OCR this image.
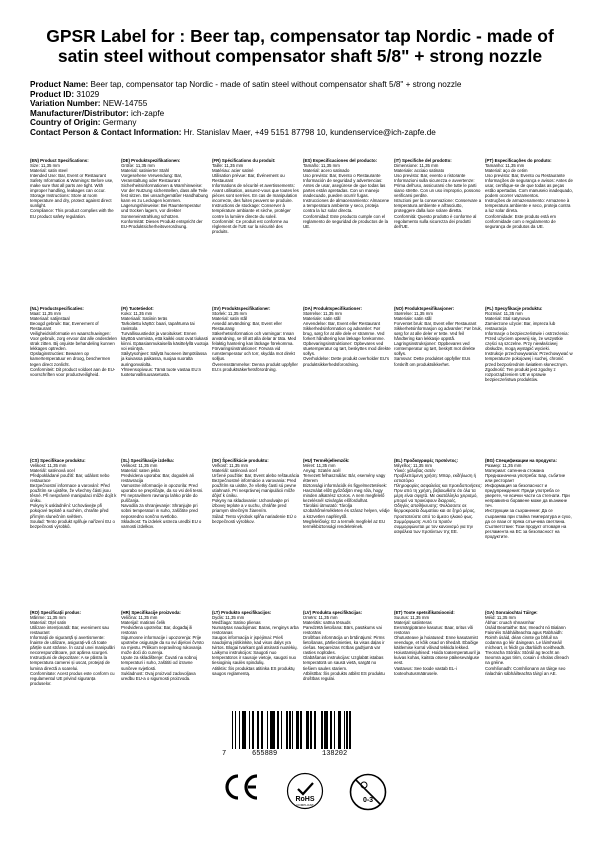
GPSR Label for : Beer tap, compensator tap Nordic - made of satin steel without compensator shaft 5/8" + strong nozzle
Product Name: Beer tap, compensator tap Nordic - made of satin steel without compensator shaft 5/8" + strong nozzle
Product ID: 31029
Variation Number: NEW-14755
Manufacturer/Distributor: ich-zapfe
Country of Origin: Germany
Contact Person & Contact Information: Hr. Stanislav Maer, +49 5151 87798 10, kundenservice@ich-zapfe.de
(EN) Product Specifications:
Size: 11,35 mm
Material: satin steel
Intended Use: Bar, Event or Restaurant
Safety Information & Warnings: Before use, make sure that all parts are tight. With improper handling, leakages can occur.
Storage Instructions: Store at room temperature and dry, protect against direct sunlight.
Compliance: This product complies with the EU product safety regulation.
(DE) Produktspezifikationen:
Größe: 11,35 mm
Material: satinierter Stahl
Vorgesehene Verwendung: Bar, Veranstaltung oder Restaurant
Sicherheitsinformationen & Warnhinweise: Vor der Nutzung sicherstellen, dass alle Teile fest sitzen. Bei unsachgemäßer Handhabung kann es zu Leckagen kommen.
Lagerungshinweise: Bei Raumtemperatur und trocken lagern, vor direkter Sonneneinstrahlung schützen.
Konformität: Dieses Produkt entspricht der EU-Produktsicherheitsverordnung.
(FR) Spécifications du produit:
Taille: 11,35 mm
Matériau: acier satiné
Utilisation prévue: Bar, Événement ou Restaurant
Informations de sécurité et avertissements: Avant utilisation, assurez-vous que toutes les pièces sont serrées. En cas de manipulation incorrecte, des fuites peuvent se produire.
Instructions de stockage: Conserver à température ambiante et sèche, protéger contre la lumière directe du soleil.
Conformité: Ce produit est conforme au règlement de l'UE sur la sécurité des produits.
(ES) Especificaciones del producto:
Tamaño: 11,35 mm
Material: acero satinado
Uso previsto: Bar, Evento o Restaurante
Información de seguridad y advertencias: Antes de usar, asegúrese de que todas las partes están apretadas. Con un manejo inadecuado, pueden ocurrir fugas.
Instrucciones de almacenamiento: Almacene a temperatura ambiente y seco, proteja contra la luz solar directa.
Conformidad: Este producto cumple con el reglamento de seguridad de productos de la UE.
(IT) Specifiche del prodotto:
Dimensione: 11,35 mm
Materiale: acciaio satinato
Uso previsto: Bar, evento o ristorante
Informazioni sulla sicurezza e avvertenze: Prima dell'uso, assicurarsi che tutte le parti siano strette. Con un uso improprio, possono verificarsi perdite.
Istruzioni per la conservazione: Conservare a temperatura ambiente e all'asciutto, proteggere dalla luce solare diretta.
Conformità: Questo prodotto è conforme al regolamento sulla sicurezza dei prodotti dell'UE.
(PT) Especificações do produto:
Tamanho: 11,35 mm
Material: aço de cetim
Uso previsto: Bar, Evento ou Restaurante
Informações de segurança e avisos: Antes de usar, certifique-se de que todas as peças estão apertadas. Com manuseio inadequado, podem ocorrer vazamentos.
Instruções de armazenamento: Armazene à temperatura ambiente e seco, proteja contra a luz solar direta.
Conformidade: Este produto está em conformidade com o regulamento de segurança de produtos da UE.
(NL) Productspecificaties:
Maat: 11,35 mm
Materiaal: satijnstaal
Beoogd gebruik: Bar, Evenement of Restaurant
Veiligheidsinformatie en waarschuwingen: Voor gebruik, zorg ervoor dat alle onderdelen strak zitten. Bij onjuiste behandeling kunnen lekkages optreden.
Opslaginstructies: Bewaren op kamertemperatuur en droog, beschermen tegen direct zonlicht.
Conformiteit: Dit product voldoet aan de EU-voorschriften voor productveiligheid.
(FI) Tuotetiedot:
Koko: 11,35 mm
Materiaali: Satiinin teräs
Tarkoitettu käyttö: baari, tapahtuma tai ravintola
Turvallisuustiedot ja varoitukset: Ennen käyttöä varmista, että kaikki osat ovat tiukasti kiinni. Epäasianmukaisella käsittelyllä vuotoja voi esiintyä.
Säilytysohjeet: Säilytä huoneen lämpötilassa ja kuivassa paikassa, suojaa suoralta auringonvalolta.
Yhteensopivuus: Tämä tuote vastaa EU:n tuoteturvallisuusasetusta.
(SV) Produktspecifikationer:
Storlek: 11,35 mm
Material: satin stål
Avsedd användning: Bar, Event eller Restaurang
Säkerhetsinformation och varningar: Innan användning, se till att alla delar är täta. Med felaktig hantering kan läckage förekomma.
Förvaringsinstruktioner: Förvara vid rumstemperatur och torr, skydda mot direkt solljus.
Överensstämmelse: Denna produkt uppfyller EU:s produktsäkerhetsförordning.
(DA) Produktspecifikationer:
Størrelse: 11,35 mm
Materiale: satin stål
Anvendelse: Bar, Event eller Restaurant
Sikkerhedsinformation og advarsler: Før brug, sørg for at alle dele er stramme. Ved forkert håndtering kan lækage forekomme.
Opbevaringsinstruktioner: Opbevares ved stuetemperatur og tørt, beskyttes mod direkte sollys.
Overholdelse: Dette produkt overholder EU's produktsikkerhedsforordning.
(NO) Produktspesifikasjoner:
Størrelse: 11,35 mm
Materiale: satin stål
Forventet bruk: Bar, Event eller Restaurant
Sikkerhetsinformasjon og advarsler: Før bruk, sørg for at alle deler er tette. Ved feil håndtering kan lekkasje oppstå.
Lagringsinstruksjoner: Oppbevares ved romtemperatur og tørt, beskytt mot direkte sollys.
Samsvar: Dette produktet oppfyller EUs forskrift om produktsikkerhet.
(PL) Specyfikacje produktu:
Rozmiar: 11,35 mm
Materiał: Stal satynowa
Zamierzone użycie: Bar, impreza lub restauracja
Informacje o bezpieczeństwie i ostrzeżenia: Przed użyciem upewnij się, że wszystkie części są szczelne. Przy niewłaściwej obsłudze, mogą wystąpić wycieki.
Instrukcje przechowywania: Przechowywać w temperaturze pokojowej i suchej, chronić przed bezpośrednim światłem słonecznym.
Zgodność: Ten produkt jest zgodny z rozporządzeniem UE w sprawie bezpieczeństwa produktów.
(CS) Specifikace produktu:
Velikost: 11,35 mm
Materiál: saténová ocel
Předpokládané použití: Bar, událost nebo restaurace
Bezpečnostní informace a varování: Před použitím se ujistěte, že všechny části jsou těsné. Při nesprávné manipulaci může dojít k úniku.
Pokyny k uskladnění: Uchovávejte při pokojové teplotě a suchém, chraňte před přímým slunečním světlem.
Soulad: Tento produkt splňuje nařízení EU o bezpečnosti výrobků.
(SL) Specifikacije izdelka:
Velikost: 11,35 mm
Material: saten jekla
Predvidena uporaba: Bar, dogodek ali restavracija
Varnostne informacije in opozorila: Pred uporabo se prepričajte, da so vsi deli tesni. Pri nepravilnem ravnanju lahko pride do puščanja.
Navodila za shranjevanje: Shranjujte pri sobni temperaturi in suho, zaščitite pred neposredno sončno svetlobo.
Skladnost: Ta izdelek ustreza uredbi EU o varnosti izdelkov.
(SK) Špecifikácie produktu:
Veľkosť: 11,35 mm
Materiál: saténová oceľ
Určené použitie: Bar, Event alebo reštaurácia
Bezpečnostné informácie a varovania: Pred použitím sa uistite, že všetky časti sú pevne utiahnuté. Pri nesprávnej manipulácii môže dôjsť k úniku.
Pokyny na skladovanie: Uchovávajte pri izbovej teplote a v suchu, chráňte pred priamym slnečným žiarením.
Súlad: Tento výrobok spĺňa nariadenie EÚ o bezpečnosti výrobkov.
(HU) Termékjellemzők:
Méret: 11,35 mm
Anyag: Szatén acél
Tervezett felhasználás: Bár, esemény vagy étterem
Biztonsági információk és figyelmeztetések: Használat előtt győződjön meg róla, hogy minden alkatrész szoros. A nem megfelelő kezelésnél szivárgás előfordulhat.
Tárolási útmutató: Tárolja szobahőmérsékleten és száraz helyen, védje a közvetlen napfénytől.
Megfelelőség: Ez a termék megfelel az EU termékbiztonsági rendeletének.
(EL) Προδιαγραφές προϊόντος:
Μέγεθος: 11,35 mm
Υλικό: χάλυβας σατέν
Προβλεπόμενη χρήση: Μπαρ, εκδήλωση ή εστιατόριο
Πληροφορίες ασφαλείας και προειδοποιήσεις: Πριν από τη χρήση, βεβαιωθείτε ότι όλα τα μέρη είναι σφιχτά. Με ακατάλληλο χειρισμό, μπορεί να προκύψουν διαρροές.
Οδηγίες αποθήκευσης: Φυλάσσετε σε θερμοκρασία δωματίου και σε ξηρό μέρος, προστατεύστε από το άμεσο ηλιακό φως.
Συμμόρφωση: Αυτό το προϊόν συμμορφώνεται με τον κανονισμό για την ασφάλεια των προϊόντων της ΕΕ.
(BG) Спецификации на продукта:
Размер: 11,35 mm
Материал: сатенена стомана
Предназначена употреба: Бар, събитие или ресторант
Информация за безопасност и предупреждения: Преди употреба се уверете, че всички части са стегнати. При неправилно боравене може да възникне теч.
Инструкции за съхранение: Да се съхранява при стайна температура и сухо, да се пази от пряка слънчева светлина.
Съответствие: Този продукт отговаря на регламента на ЕС за безопасност на продуктите.
(RO) Specificații produs:
Mărime: 11,35 mm
Material: Oțel satin
Utilizare intenționată: Bar, eveniment sau restaurant
Informații de siguranță și avertismente: Înainte de utilizare, asigurați-vă că toate părțile sunt strânse. În cazul unei manipulări necorespunzătoare, pot apărea scurgeri.
Instrucțiuni de depozitare: A se păstra la temperatura camerei și uscat, protejați de lumina directă a soarelui.
Conformitate: Acest produs este conform cu regulamentul UE privind siguranța produselor.
(HR) Specifikacije proizvoda:
Veličina: 11,35 mm
Materijal: matirani čelik
Predviđena upotreba: Bar, događaj ili restoran
Sigurnosne informacije i upozorenja: Prije upotrebe osigurajte da su svi dijelovi čvrsto na mjestu. Prilikom nepravilnog rukovanja može doći do curenja.
Upute za skladištenje: Čuvati na sobnoj temperaturi i suho, zaštititi od izravne sunčeve svjetlosti.
Sukladnost: Ovaj proizvod zadovoljava uredbu EU-a o sigurnosti proizvoda.
(LT) Produkto specifikacijos:
Dydis: 11,35 mm
Medžiaga: Satino plienas
Numatytas naudojimas: Baras, renginys arba restoranas
Saugos informacija ir įspėjimai: Prieš naudojimą įsitikinkite, kad visos dalys yra tvirtos. Blogai tvarkant gali atsirasti nuotėkių.
Laikymo instrukcijos: Saugoti nuo temperatūros ir sausoje vietoje, saugoti nuo tiesioginių saulės spindulių.
Atitiktis: Šis produktas atitinka ES produktų saugos reglamentą.
(LV) Produkta specifikācijas:
Izmērs: 11,35 mm
Materiāls: satīna tērauds
Paredzētā lietošana: Bārs, pasākums vai restorāns
Drošības informācija un brīdinājumi: Pirms lietošanas, pārliecinieties, ka visas daļas ir ciešas. Nepareizas rīcības gadījumā var rasties noplūdes.
Glabāšanas instrukcijas: Uzglabāt istabas temperatūrā un sausā vietā, sargāt no tiešiem saules stariem.
Atbilstība: Šis produkts atbilst ES produktu drošības regulai.
(ET) Toote spetsifikatsioonid:
Suurus: 11,35 mm
Materjal: satiinteras
Eesmärgipärane kasutus: Baar, üritus või restoran
Ohutusteave ja hoiatused: Enne kasutamist veenduge, et kõik osad on tihedalt. Ebaõige käitlemise korral võivad tekkida lekked.
Hoiustamisjuhised: Hoida toatemperatuuril ja kuivas kohas, kaitsta otsese päikesevalguse eest.
Vastavus: See toode vastab EL-i tooteohutusmäärusele.
(GA) Sonraíochtaí Táirge:
Méid: 11,35 mm
Ábhar: cruach shnasmhar
Úsáid Beartaithe: Bar, Imeacht nó Bialann
Faisnéis Sábháilteachta agus Rabhaidh: Roimh úsáid, déan cinnte go bhfuil na codanna go léir daingean. Le láimhseáil mícheart, is féidir go dtarlóidh sceitheadh.
Treoracha Stórála: Stóráil ag teocht an tseomra agus tirim, cosain ó sholas díreach na gréine.
Comhlíonadh: Comhlíonann an táirge seo rialachán sábháilteachta táirgí an AE.
7	655889	138202
RoHS
COMPLIANT
0-3
